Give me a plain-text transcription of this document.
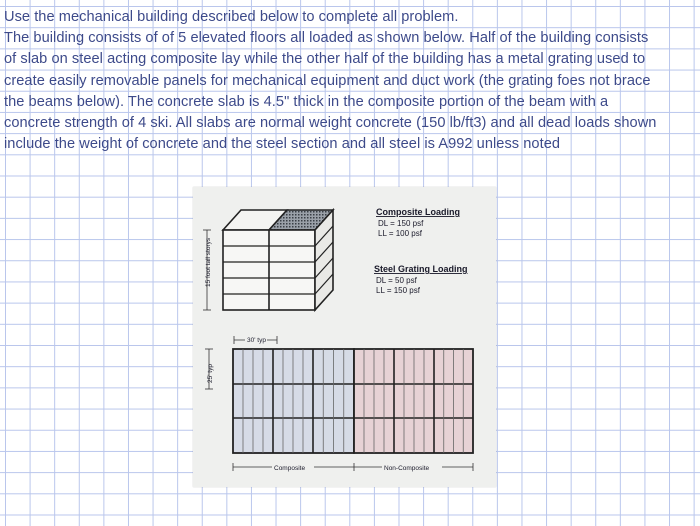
Use the mechanical building described below to complete all problem.
The building consists of of 5 elevated floors all loaded as shown below. Half of the building consists
of slab on steel acting composite lay while the other half of the building has a metal grating used to
create easily removable panels for mechanical equipment and duct work (the grating foes not brace
the beams below). The concrete slab is 4.5" thick in the composite portion of the beam with a
concrete strength of 4 ski. All slabs are normal weight concrete (150 lb/ft3) and all dead loads shown
include the weight of concrete and the steel section and all steel is A992 unless noted
15 foot tall storys
Composite Loading
DL = 150 psf
LL = 100 psf
Steel Grating Loading
DL = 50 psf
LL = 150 psf
30' typ
25' typ
Composite	Non-Composite
